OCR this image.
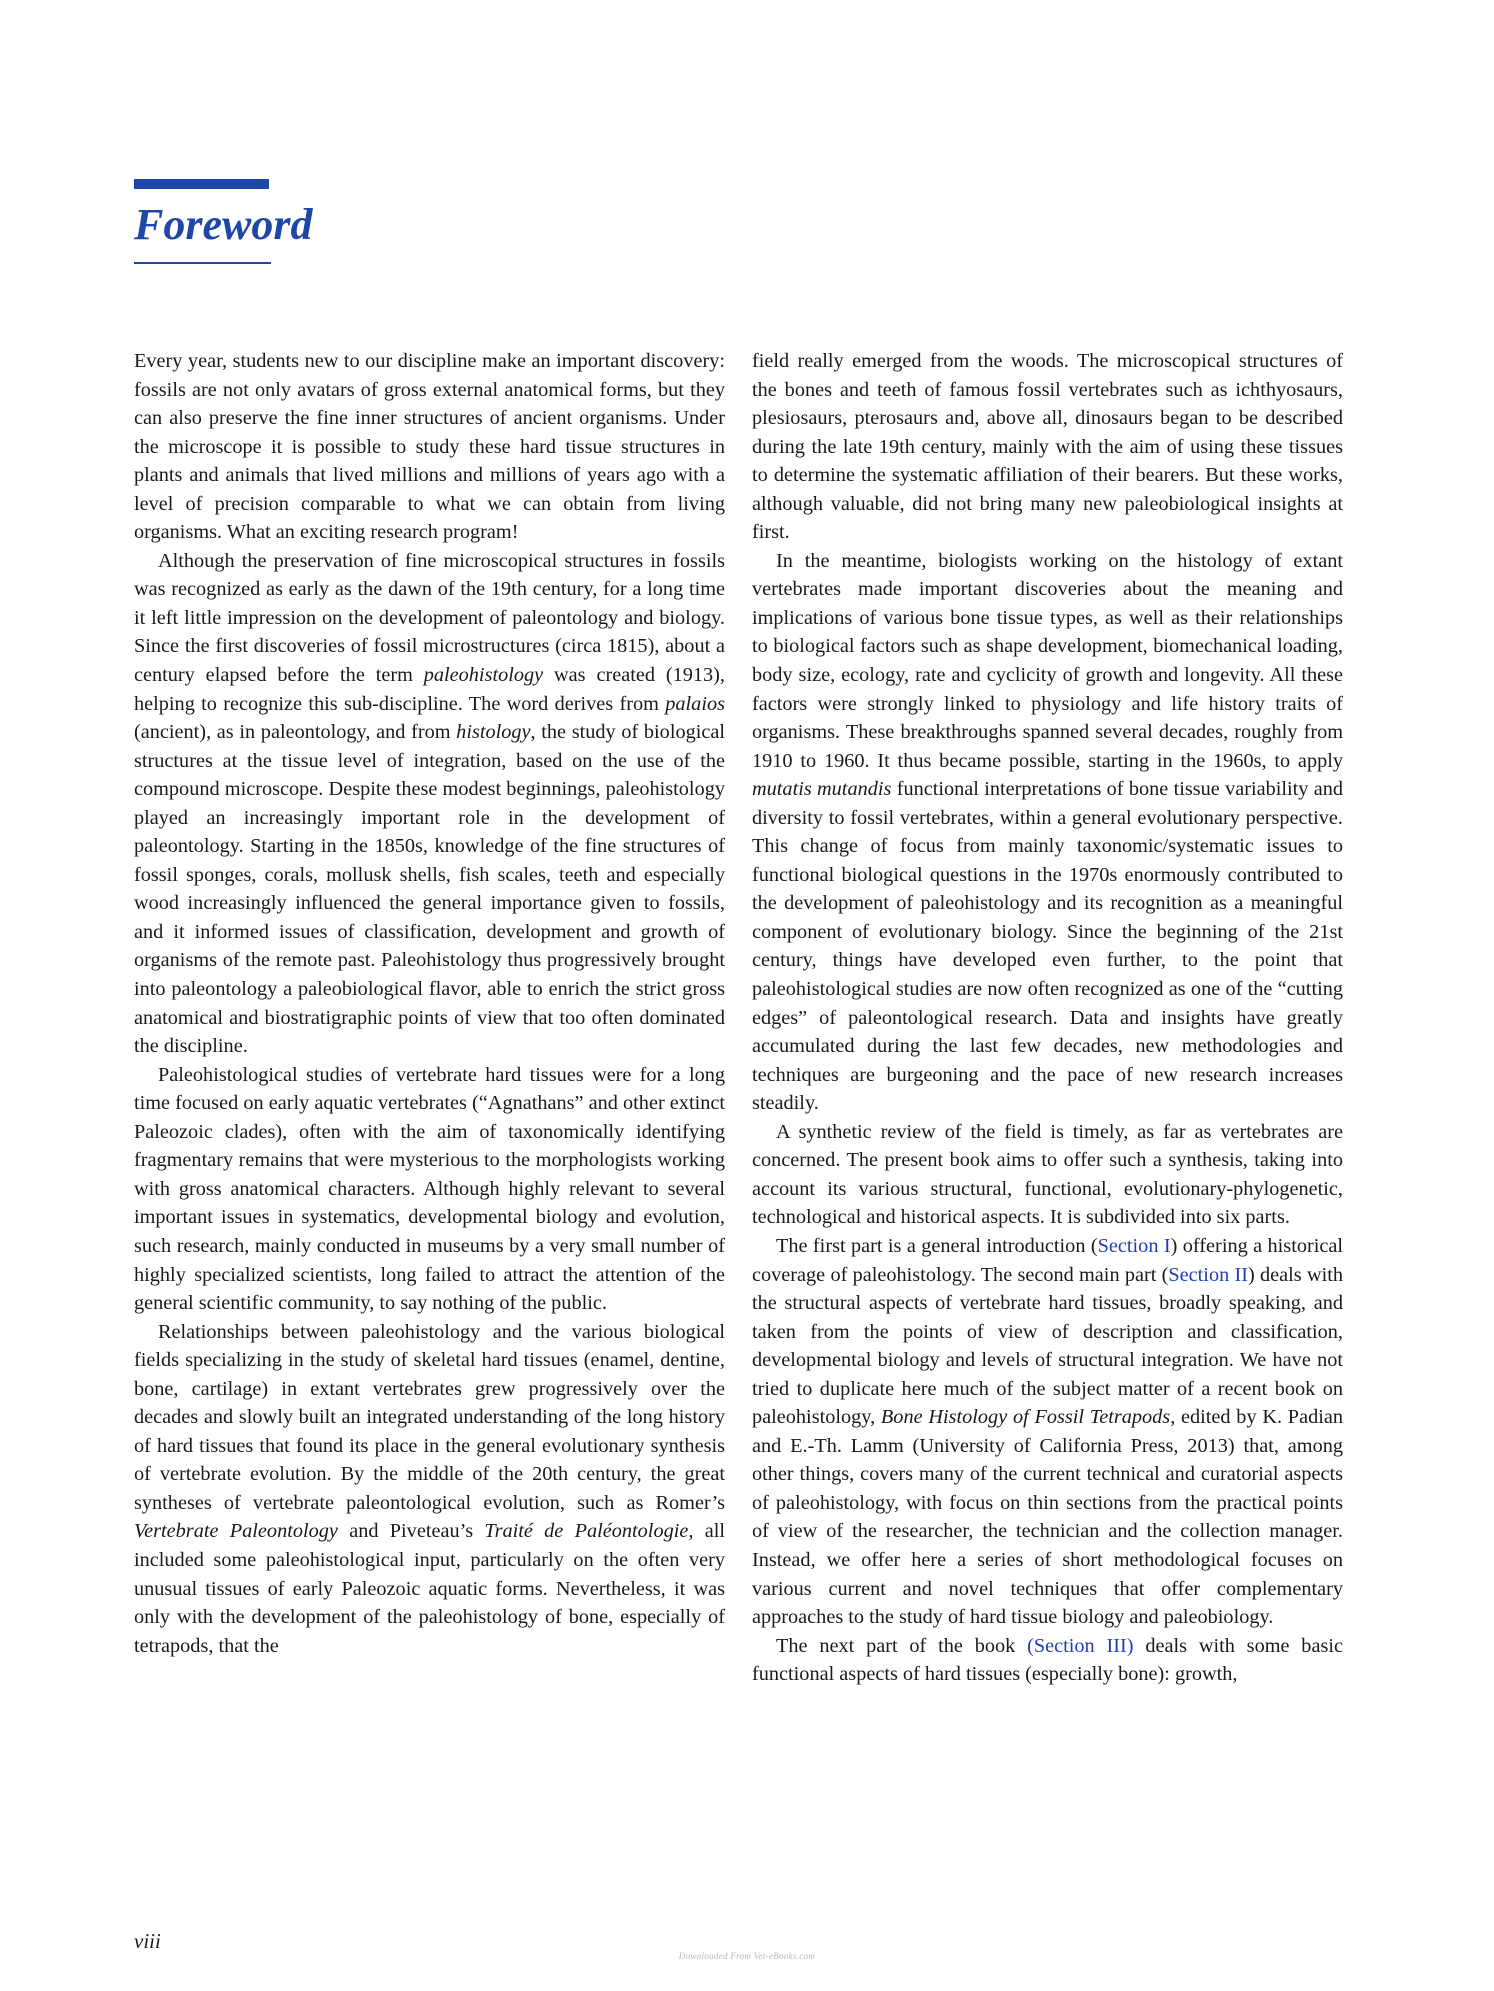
Foreword

Every year, students new to our discipline make an important discovery: fossils are not only avatars of gross external anatomical forms, but they can also preserve the fine inner structures of ancient organisms. Under the microscope it is possible to study these hard tissue structures in plants and animals that lived millions and millions of years ago with a level of precision comparable to what we can obtain from living organisms. What an exciting research program!

Although the preservation of fine microscopical structures in fossils was recognized as early as the dawn of the 19th century, for a long time it left little impression on the development of paleontology and biology. Since the first discoveries of fossil microstructures (circa 1815), about a century elapsed before the term paleohistology was created (1913), helping to recognize this sub-discipline. The word derives from palaios (ancient), as in paleontology, and from histology, the study of biological structures at the tissue level of integration, based on the use of the compound microscope. Despite these modest beginnings, paleohistology played an increasingly important role in the development of paleontology. Starting in the 1850s, knowledge of the fine structures of fossil sponges, corals, mollusk shells, fish scales, teeth and especially wood increasingly influenced the general importance given to fossils, and it informed issues of classification, development and growth of organisms of the remote past. Paleohistology thus progressively brought into paleontology a paleobiological flavor, able to enrich the strict gross anatomical and biostratigraphic points of view that too often dominated the discipline.

Paleohistological studies of vertebrate hard tissues were for a long time focused on early aquatic vertebrates (“Agnathans” and other extinct Paleozoic clades), often with the aim of taxonomically identifying fragmentary remains that were mysterious to the morphologists working with gross anatomical characters. Although highly relevant to several important issues in systematics, developmental biology and evolution, such research, mainly conducted in museums by a very small number of highly specialized scientists, long failed to attract the attention of the general scientific community, to say nothing of the public.

Relationships between paleohistology and the various biological fields specializing in the study of skeletal hard tissues (enamel, dentine, bone, cartilage) in extant vertebrates grew progressively over the decades and slowly built an integrated understanding of the long history of hard tissues that found its place in the general evolutionary synthesis of vertebrate evolution. By the middle of the 20th century, the great syntheses of vertebrate paleontological evolution, such as Romer’s Vertebrate Paleontology and Piveteau’s Traité de Paléontologie, all included some paleohistological input, particularly on the often very unusual tissues of early Paleozoic aquatic forms. Nevertheless, it was only with the development of the paleohistology of bone, especially of tetrapods, that the

field really emerged from the woods. The microscopical structures of the bones and teeth of famous fossil vertebrates such as ichthyosaurs, plesiosaurs, pterosaurs and, above all, dinosaurs began to be described during the late 19th century, mainly with the aim of using these tissues to determine the systematic affiliation of their bearers. But these works, although valuable, did not bring many new paleobiological insights at first.

In the meantime, biologists working on the histology of extant vertebrates made important discoveries about the meaning and implications of various bone tissue types, as well as their relationships to biological factors such as shape development, biomechanical loading, body size, ecology, rate and cyclicity of growth and longevity. All these factors were strongly linked to physiology and life history traits of organisms. These breakthroughs spanned several decades, roughly from 1910 to 1960. It thus became possible, starting in the 1960s, to apply mutatis mutandis functional interpretations of bone tissue variability and diversity to fossil vertebrates, within a general evolutionary perspective. This change of focus from mainly taxonomic/systematic issues to functional biological questions in the 1970s enormously contributed to the development of paleohistology and its recognition as a meaningful component of evolutionary biology. Since the beginning of the 21st century, things have developed even further, to the point that paleohistological studies are now often recognized as one of the “cutting edges” of paleontological research. Data and insights have greatly accumulated during the last few decades, new methodologies and techniques are burgeoning and the pace of new research increases steadily.

A synthetic review of the field is timely, as far as vertebrates are concerned. The present book aims to offer such a synthesis, taking into account its various structural, functional, evolutionary-phylogenetic, technological and historical aspects. It is subdivided into six parts.

The first part is a general introduction (Section I) offering a historical coverage of paleohistology. The second main part (Section II) deals with the structural aspects of vertebrate hard tissues, broadly speaking, and taken from the points of view of description and classification, developmental biology and levels of structural integration. We have not tried to duplicate here much of the subject matter of a recent book on paleohistology, Bone Histology of Fossil Tetrapods, edited by K. Padian and E.-Th. Lamm (University of California Press, 2013) that, among other things, covers many of the current technical and curatorial aspects of paleohistology, with focus on thin sections from the practical points of view of the researcher, the technician and the collection manager. Instead, we offer here a series of short methodological focuses on various current and novel techniques that offer complementary approaches to the study of hard tissue biology and paleobiology.

The next part of the book (Section III) deals with some basic functional aspects of hard tissues (especially bone): growth,

viii
Downloaded From Vet-eBooks.com
